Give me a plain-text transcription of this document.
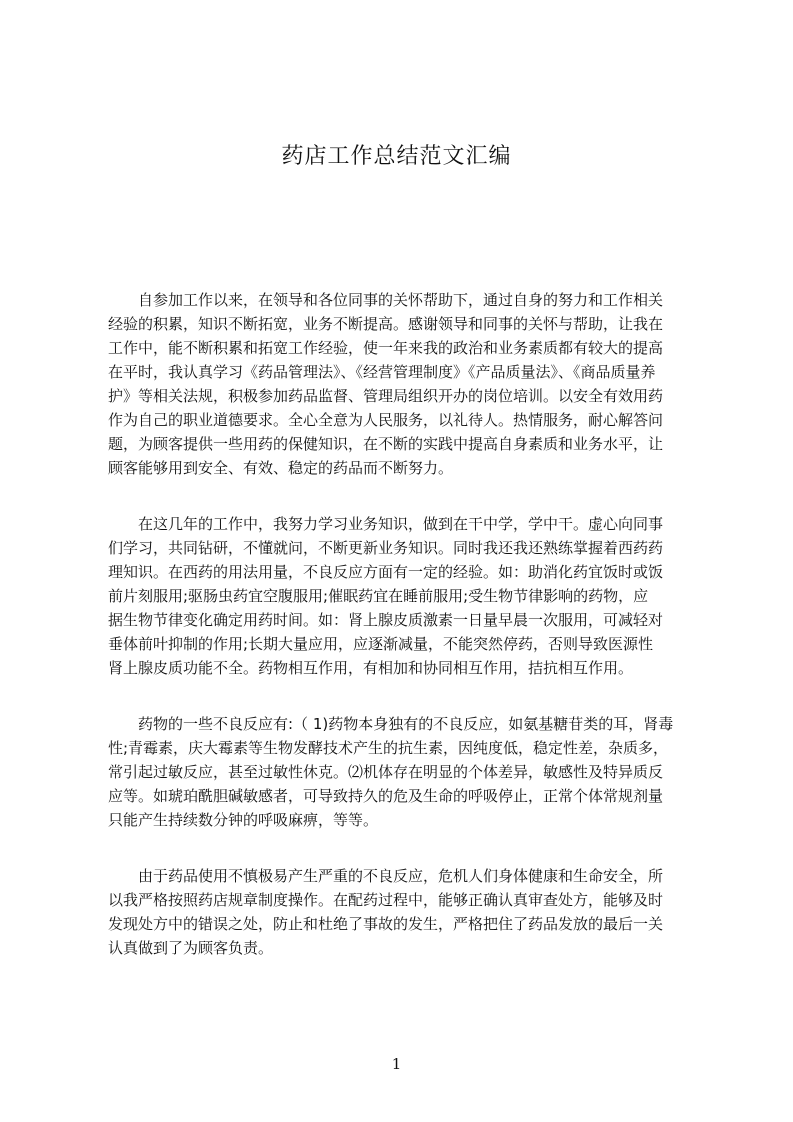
药店工作总结范文汇编

自参加工作以来，在领导和各位同事的关怀帮助下，通过自身的努力和工作相关
经验的积累，知识不断拓宽，业务不断提高。感谢领导和同事的关怀与帮助，让我在
工作中，能不断积累和拓宽工作经验，使一年来我的政治和业务素质都有较大的提高
在平时，我认真学习《药品管理法》、《经营管理制度》《产品质量法》、《商品质量养
护》等相关法规，积极参加药品监督、管理局组织开办的岗位培训。以安全有效用药
作为自己的职业道德要求。全心全意为人民服务，以礼待人。热情服务，耐心解答问
题，为顾客提供一些用药的保健知识，在不断的实践中提高自身素质和业务水平，让
顾客能够用到安全、有效、稳定的药品而不断努力。

在这几年的工作中，我努力学习业务知识，做到在干中学，学中干。虚心向同事
们学习，共同钻研，不懂就问，不断更新业务知识。同时我还我还熟练掌握着西药药
理知识。在西药的用法用量，不良反应方面有一定的经验。如：助消化药宜饭时或饭
前片刻服用;驱肠虫药宜空腹服用;催眠药宜在睡前服用;受生物节律影响的药物，应
据生物节律变化确定用药时间。如：肾上腺皮质激素一日量早晨一次服用，可减轻对
垂体前叶抑制的作用;长期大量应用，应逐渐减量，不能突然停药，否则导致医源性
肾上腺皮质功能不全。药物相互作用，有相加和协同相互作用，拮抗相互作用。

药物的一些不良反应有:（ 1)药物本身独有的不良反应，如氨基糖苷类的耳，肾毒
性;青霉素，庆大霉素等生物发酵技术产生的抗生素，因纯度低，稳定性差，杂质多，
常引起过敏反应，甚至过敏性休克。⑵机体存在明显的个体差异，敏感性及特异质反
应等。如琥珀酰胆碱敏感者，可导致持久的危及生命的呼吸停止，正常个体常规剂量
只能产生持续数分钟的呼吸麻痹，等等。

由于药品使用不慎极易产生严重的不良反应，危机人们身体健康和生命安全，所
以我严格按照药店规章制度操作。在配药过程中，能够正确认真审查处方，能够及时
发现处方中的错误之处，防止和杜绝了事故的发生，严格把住了药品发放的最后一关
认真做到了为顾客负责。

1
